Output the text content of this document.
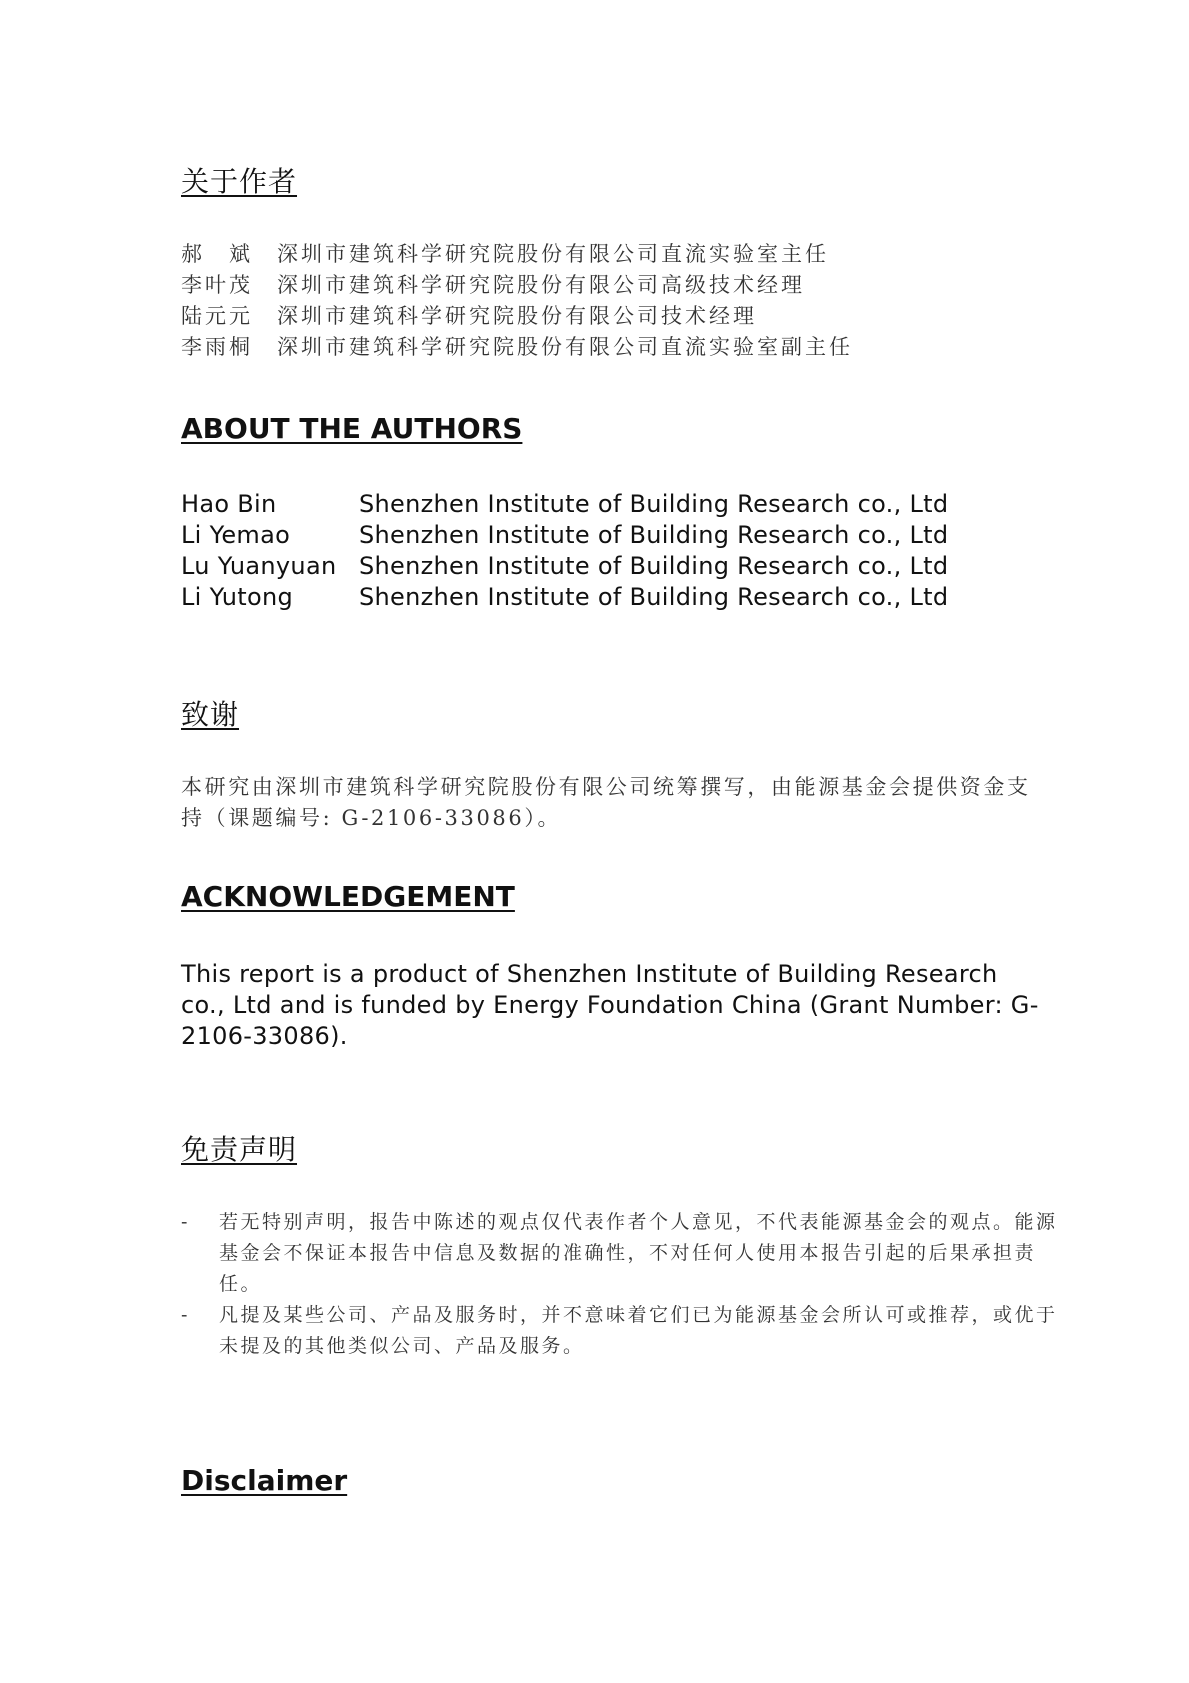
关于作者
郝　斌 深圳市建筑科学研究院股份有限公司直流实验室主任
李叶茂 深圳市建筑科学研究院股份有限公司高级技术经理
陆元元 深圳市建筑科学研究院股份有限公司技术经理
李雨桐 深圳市建筑科学研究院股份有限公司直流实验室副主任
ABOUT THE AUTHORS
Hao Bin	Shenzhen Institute of Building Research co., Ltd
Li Yemao	Shenzhen Institute of Building Research co., Ltd
Lu Yuanyuan Shenzhen Institute of Building Research co., Ltd
Li Yutong	Shenzhen Institute of Building Research co., Ltd
致谢
本研究由深圳市建筑科学研究院股份有限公司统筹撰写，由能源基金会提供资金支持（课题编号: G-2106-33086）。
ACKNOWLEDGEMENT
This report is a product of Shenzhen Institute of Building Research co., Ltd and is funded by Energy Foundation China (Grant Number: G-2106-33086).
免责声明
-	若无特别声明，报告中陈述的观点仅代表作者个人意见，不代表能源基金会的观点。能源基金会不保证本报告中信息及数据的准确性，不对任何人使用本报告引起的后果承担责任。
-	凡提及某些公司、产品及服务时，并不意味着它们已为能源基金会所认可或推荐，或优于未提及的其他类似公司、产品及服务。
Disclaimer
